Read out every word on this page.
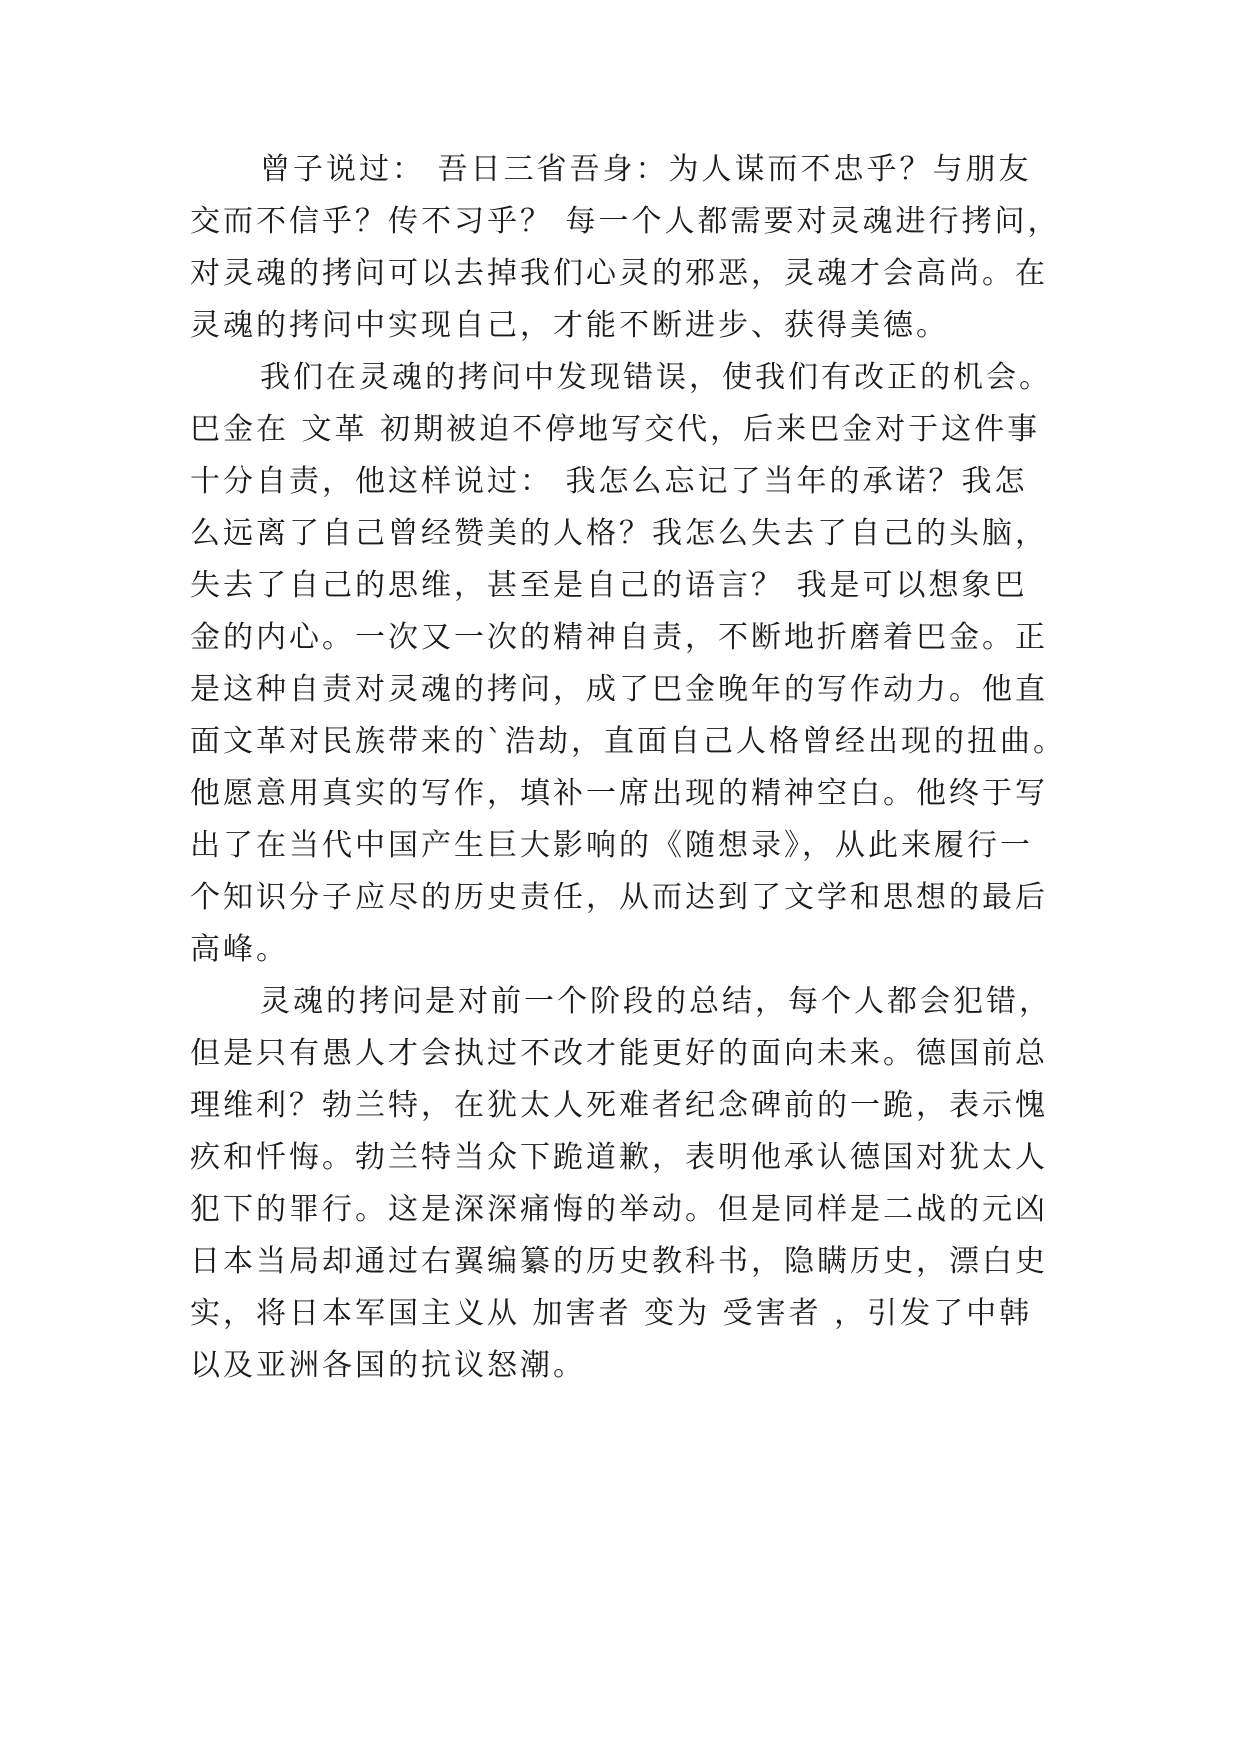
曾子说过： 吾日三省吾身：为人谋而不忠乎？与朋友
交而不信乎？传不习乎？ 每一个人都需要对灵魂进行拷问，
对灵魂的拷问可以去掉我们心灵的邪恶，灵魂才会高尚。在
灵魂的拷问中实现自己，才能不断进步、获得美德。
我们在灵魂的拷问中发现错误，使我们有改正的机会。
巴金在 文革 初期被迫不停地写交代，后来巴金对于这件事
十分自责，他这样说过： 我怎么忘记了当年的承诺？我怎
么远离了自己曾经赞美的人格？我怎么失去了自己的头脑，
失去了自己的思维，甚至是自己的语言？ 我是可以想象巴
金的内心。一次又一次的精神自责，不断地折磨着巴金。正
是这种自责对灵魂的拷问，成了巴金晚年的写作动力。他直
面文革对民族带来的`浩劫，直面自己人格曾经出现的扭曲。
他愿意用真实的写作，填补一席出现的精神空白。他终于写
出了在当代中国产生巨大影响的《随想录》，从此来履行一
个知识分子应尽的历史责任，从而达到了文学和思想的最后
高峰。
灵魂的拷问是对前一个阶段的总结，每个人都会犯错，
但是只有愚人才会执过不改才能更好的面向未来。德国前总
理维利？勃兰特，在犹太人死难者纪念碑前的一跪，表示愧
疚和忏悔。勃兰特当众下跪道歉，表明他承认德国对犹太人
犯下的罪行。这是深深痛悔的举动。但是同样是二战的元凶
日本当局却通过右翼编纂的历史教科书，隐瞒历史，漂白史
实，将日本军国主义从 加害者 变为 受害者 ，引发了中韩
以及亚洲各国的抗议怒潮。
